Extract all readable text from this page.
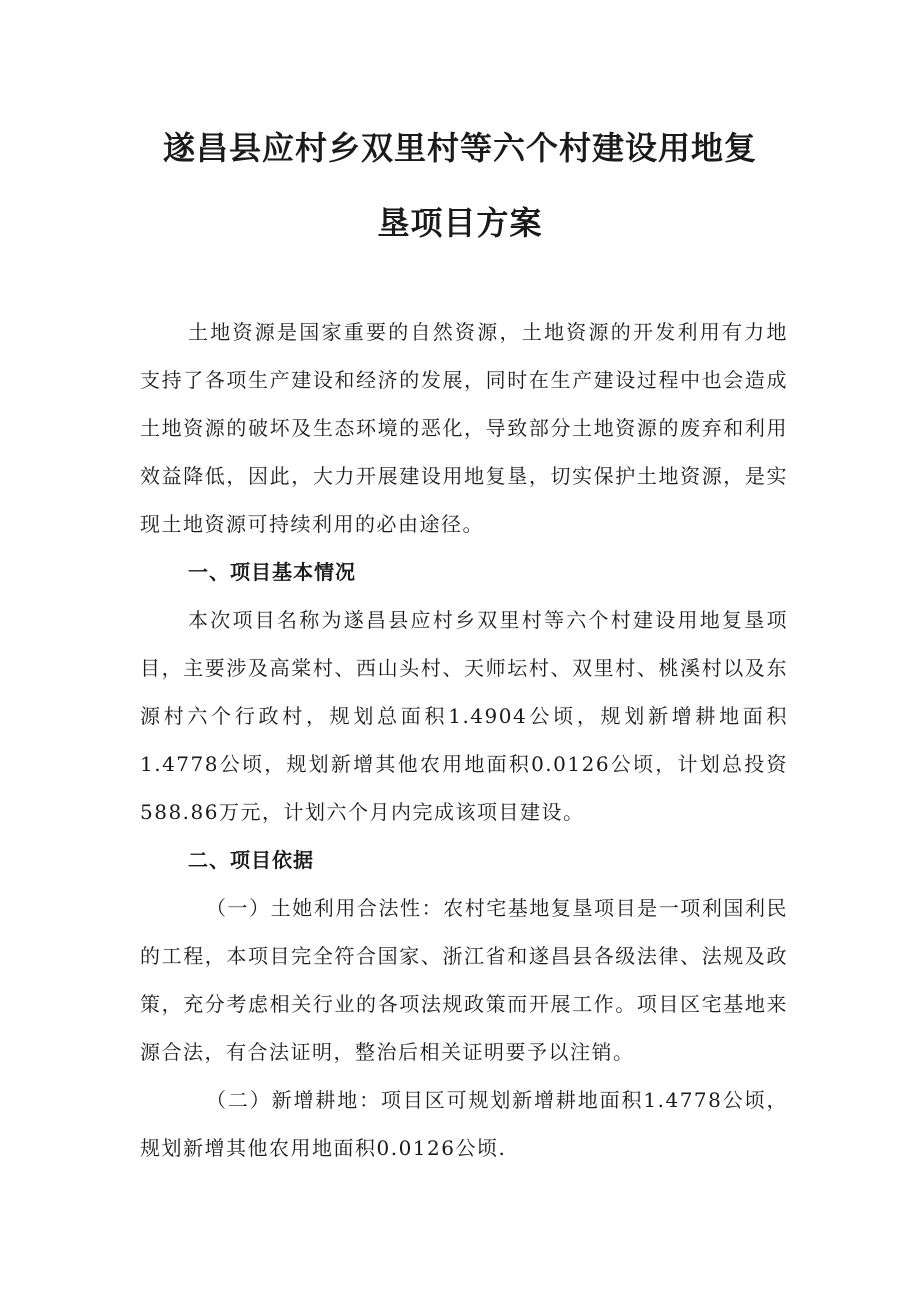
遂昌县应村乡双里村等六个村建设用地复
垦项目方案

土地资源是国家重要的自然资源，土地资源的开发利用有力地支持了各项生产建设和经济的发展，同时在生产建设过程中也会造成土地资源的破坏及生态环境的恶化，导致部分土地资源的废弃和利用效益降低，因此，大力开展建设用地复垦，切实保护土地资源，是实现土地资源可持续利用的必由途径。

一、项目基本情况

本次项目名称为遂昌县应村乡双里村等六个村建设用地复垦项目，主要涉及高棠村、西山头村、天师坛村、双里村、桃溪村以及东源村六个行政村，规划总面积1.4904公顷，规划新增耕地面积1.4778公顷，规划新增其他农用地面积0.0126公顷，计划总投资588.86万元，计划六个月内完成该项目建设。

二、项目依据

（一）土她利用合法性：农村宅基地复垦项目是一项利国利民的工程，本项目完全符合国家、浙江省和遂昌县各级法律、法规及政策，充分考虑相关行业的各项法规政策而开展工作。项目区宅基地来源合法，有合法证明，整治后相关证明要予以注销。

（二）新增耕地：项目区可规划新增耕地面积1.4778公顷，规划新增其他农用地面积0.0126公顷.
